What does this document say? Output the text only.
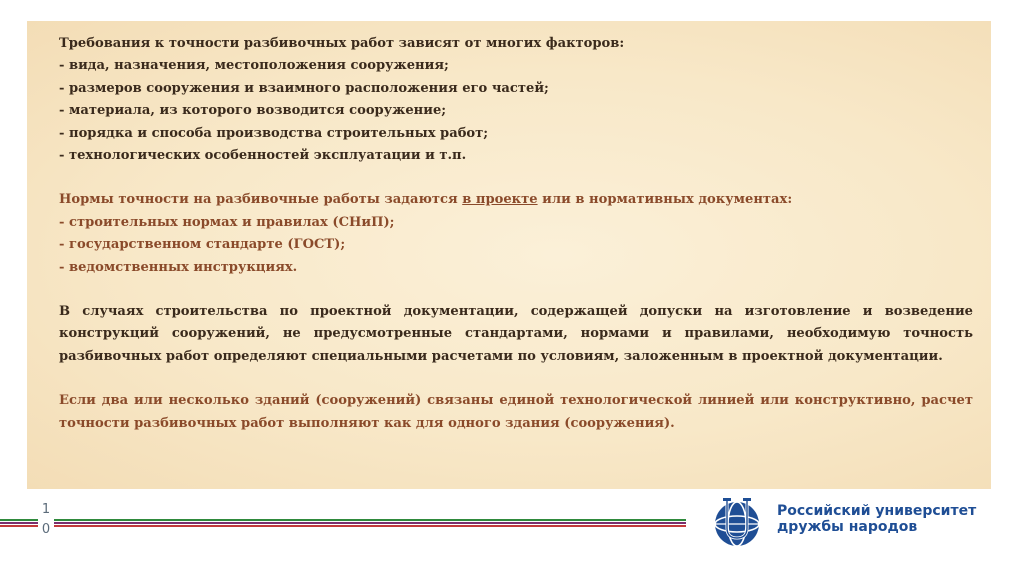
Требования к точности разбивочных работ зависят от многих факторов:

- вида, назначения, местоположения сооружения;

- размеров сооружения и взаимного расположения его частей;

- материала, из которого возводится сооружение;

- порядка и способа производства строительных работ;

- технологических особенностей эксплуатации и т.п.

Нормы точности на разбивочные работы задаются в проекте или в нормативных документах:

- строительных нормах и правилах (СНиП);

- государственном стандарте (ГОСТ);

- ведомственных инструкциях.

В случаях строительства по проектной документации, содержащей допуски на изготовление и возведение конструкций сооружений, не предусмотренные стандартами, нормами и правилами, необходимую точность разбивочных работ определяют специальными расчетами по условиям, заложенным в проектной документации.

Если два или несколько зданий (сооружений) связаны единой технологической линией или конструктивно, расчет точности разбивочных работ выполняют как для одного здания (сооружения).

1
0
Российский университет
дружбы народов
